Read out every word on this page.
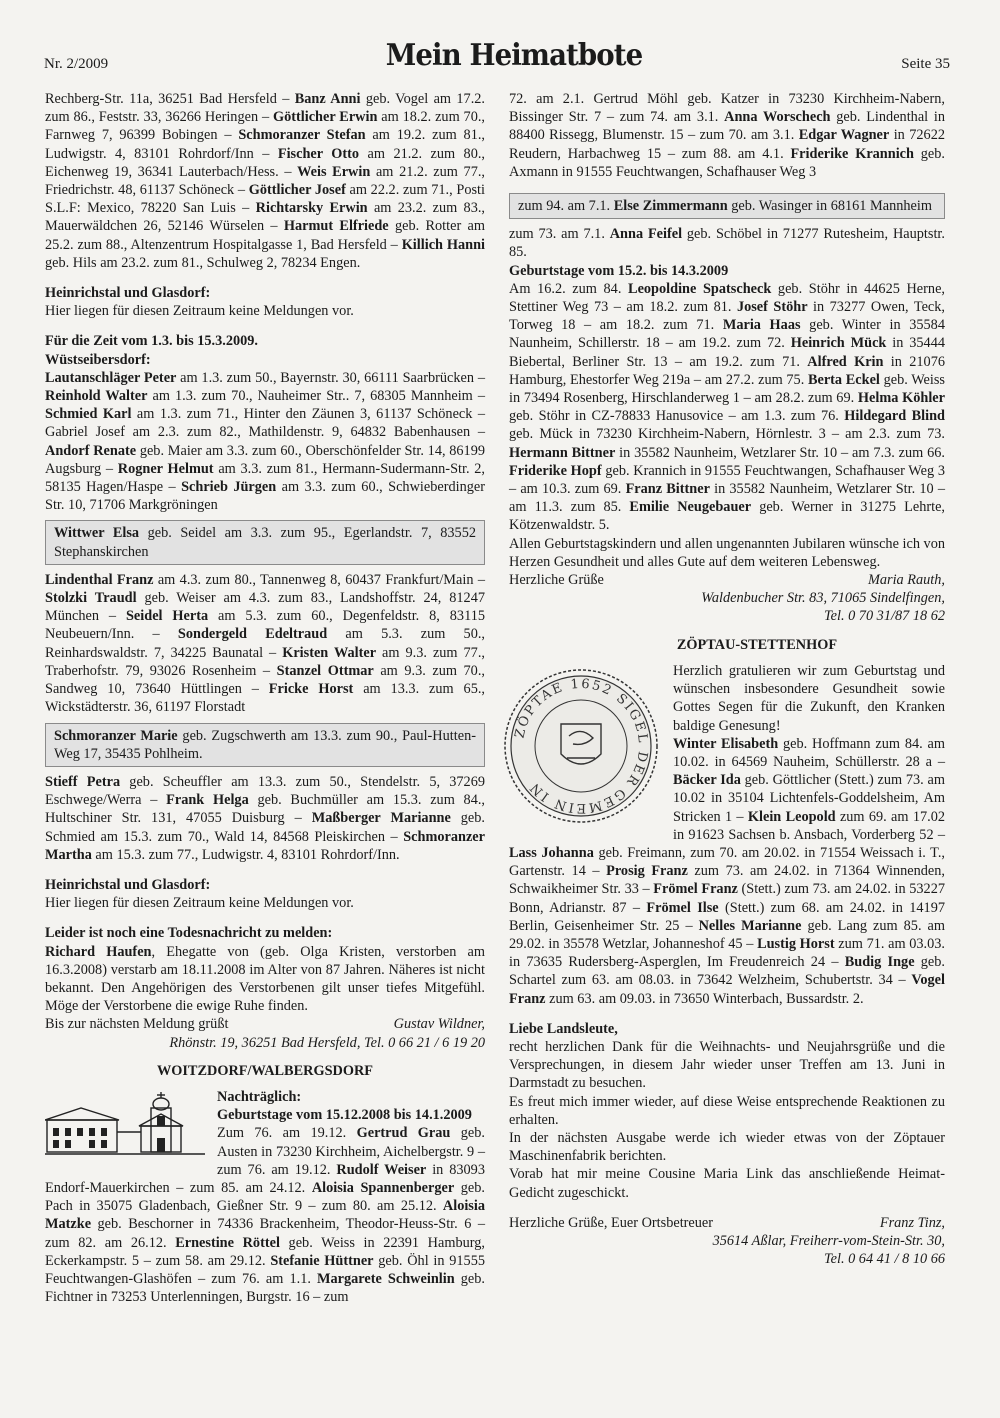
Nr. 2/2009	Mein Heimatbote	Seite 35

Rechberg-Str. 11a, 36251 Bad Hersfeld – Banz Anni geb. Vogel am 17.2. zum 86., Feststr. 33, 36266 Heringen – Göttlicher Erwin am 18.2. zum 70., Farnweg 7, 96399 Bobingen – Schmoranzer Stefan am 19.2. zum 81., Ludwigstr. 4, 83101 Rohrdorf/Inn – Fischer Otto am 21.2. zum 80., Eichenweg 19, 36341 Lauterbach/Hess. – Weis Erwin am 21.2. zum 77., Friedrichstr. 48, 61137 Schöneck – Göttlicher Josef am 22.2. zum 71., Posti S.L.F: Mexico, 78220 San Luis – Richtarsky Erwin am 23.2. zum 83., Mauerwäldchen 26, 52146 Würselen – Harmut Elfriede geb. Rotter am 25.2. zum 88., Altenzentrum Hospitalgasse 1, Bad Hersfeld – Killich Hanni geb. Hils am 23.2. zum 81., Schulweg 2, 78234 Engen.

Heinrichstal und Glasdorf:

Hier liegen für diesen Zeitraum keine Meldungen vor.

Für die Zeit vom 1.3. bis 15.3.2009.

Wüstseibersdorf:

Lautanschläger Peter am 1.3. zum 50., Bayernstr. 30, 66111 Saarbrücken – Reinhold Walter am 1.3. zum 70., Nauheimer Str.. 7, 68305 Mannheim – Schmied Karl am 1.3. zum 71., Hinter den Zäunen 3, 61137 Schöneck – Gabriel Josef am 2.3. zum 82., Mathildenstr. 9, 64832 Babenhausen – Andorf Renate geb. Maier am 3.3. zum 60., Oberschönfelder Str. 14, 86199 Augsburg – Rogner Helmut am 3.3. zum 81., Hermann-Sudermann-Str. 2, 58135 Hagen/Haspe – Schrieb Jürgen am 3.3. zum 60., Schwieberdinger Str. 10, 71706 Markgröningen

Wittwer Elsa geb. Seidel am 3.3. zum 95., Egerlandstr. 7, 83552 Stephanskirchen

Lindenthal Franz am 4.3. zum 80., Tannenweg 8, 60437 Frankfurt/Main – Stolzki Traudl geb. Weiser am 4.3. zum 83., Landshoffstr. 24, 81247 München – Seidel Herta am 5.3. zum 60., Degenfeldstr. 8, 83115 Neubeuern/Inn. – Sondergeld Edeltraud am 5.3. zum 50., Reinhardswaldstr. 7, 34225 Baunatal – Kristen Walter am 9.3. zum 77., Traberhofstr. 79, 93026 Rosenheim – Stanzel Ottmar am 9.3. zum 70., Sandweg 10, 73640 Hüttlingen – Fricke Horst am 13.3. zum 65., Wickstädterstr. 36, 61197 Florstadt

Schmoranzer Marie geb. Zugschwerth am 13.3. zum 90., Paul-Hutten-Weg 17, 35435 Pohlheim.

Stieff Petra geb. Scheuffler am 13.3. zum 50., Stendelstr. 5, 37269 Eschwege/Werra – Frank Helga geb. Buchmüller am 15.3. zum 84., Hultschiner Str. 131, 47055 Duisburg – Maßberger Marianne geb. Schmied am 15.3. zum 70., Wald 14, 84568 Pleiskirchen – Schmoranzer Martha am 15.3. zum 77., Ludwigstr. 4, 83101 Rohrdorf/Inn.

Heinrichstal und Glasdorf:

Hier liegen für diesen Zeitraum keine Meldungen vor.

Leider ist noch eine Todesnachricht zu melden:

Richard Haufen, Ehegatte von (geb. Olga Kristen, verstorben am 16.3.2008) verstarb am 18.11.2008 im Alter von 87 Jahren. Näheres ist nicht bekannt. Den Angehörigen des Verstorbenen gilt unser tiefes Mitgefühl. Möge der Verstorbene die ewige Ruhe finden.

Bis zur nächsten Meldung grüßt	Gustav Wildner,

Rhönstr. 19, 36251 Bad Hersfeld, Tel. 0 66 21 / 6 19 20

WOITZDORF/WALBERGSDORF

Nachträglich:

Geburtstage vom 15.12.2008 bis 14.1.2009

Zum 76. am 19.12. Gertrud Grau geb. Austen in 73230 Kirchheim, Aichelbergstr. 9 – zum 76. am 19.12. Rudolf Weiser in 83093 Endorf-Mauerkirchen – zum 85. am 24.12. Aloisia Spannenberger geb. Pach in 35075 Gladenbach, Gießner Str. 9 – zum 80. am 25.12. Aloisia Matzke geb. Beschorner in 74336 Brackenheim, Theodor-Heuss-Str. 6 – zum 82. am 26.12. Ernestine Röttel geb. Weiss in 22391 Hamburg, Eckerkampstr. 5 – zum 58. am 29.12. Stefanie Hüttner geb. Öhl in 91555 Feuchtwangen-Glashöfen – zum 76. am 1.1. Margarete Schweinlin geb. Fichtner in 73253 Unterlenningen, Burgstr. 16 – zum

72. am 2.1. Gertrud Möhl geb. Katzer in 73230 Kirchheim-Nabern, Bissinger Str. 7 – zum 74. am 3.1. Anna Worschech geb. Lindenthal in 88400 Rissegg, Blumenstr. 15 – zum 70. am 3.1. Edgar Wagner in 72622 Reudern, Harbachweg 15 – zum 88. am 4.1. Friderike Krannich geb. Axmann in 91555 Feuchtwangen, Schafhauser Weg 3

zum 94. am 7.1. Else Zimmermann geb. Wasinger in 68161 Mannheim

zum 73. am 7.1. Anna Feifel geb. Schöbel in 71277 Rutesheim, Hauptstr. 85.

Geburtstage vom 15.2. bis 14.3.2009

Am 16.2. zum 84. Leopoldine Spatscheck geb. Stöhr in 44625 Herne, Stettiner Weg 73 – am 18.2. zum 81. Josef Stöhr in 73277 Owen, Teck, Torweg 18 – am 18.2. zum 71. Maria Haas geb. Winter in 35584 Naunheim, Schillerstr. 18 – am 19.2. zum 72. Heinrich Mück in 35444 Biebertal, Berliner Str. 13 – am 19.2. zum 71. Alfred Krin in 21076 Hamburg, Ehestorfer Weg 219a – am 27.2. zum 75. Berta Eckel geb. Weiss in 73494 Rosenberg, Hirschlanderweg 1 – am 28.2. zum 69. Helma Köhler geb. Stöhr in CZ-78833 Hanusovice – am 1.3. zum 76. Hildegard Blind geb. Mück in 73230 Kirchheim-Nabern, Hörnlestr. 3 – am 2.3. zum 73. Hermann Bittner in 35582 Naunheim, Wetzlarer Str. 10 – am 7.3. zum 66. Friderike Hopf geb. Krannich in 91555 Feuchtwangen, Schafhauser Weg 3 – am 10.3. zum 69. Franz Bittner in 35582 Naunheim, Wetzlarer Str. 10 – am 11.3. zum 85. Emilie Neugebauer geb. Werner in 31275 Lehrte, Kötzenwaldstr. 5.

Allen Geburtstagskindern und allen ungenannten Jubilaren wünsche ich von Herzen Gesundheit und alles Gute auf dem weiteren Lebensweg.

Herzliche Grüße	Maria Rauth,

Waldenbucher Str. 83, 71065 Sindelfingen,

Tel. 0 70 31/87 18 62

ZÖPTAU-STETTENHOF
ZÖPTAE 1652 SIGEL DER GEMEIN IN

Herzlich gratulieren wir zum Geburtstag und wünschen insbesondere Gesundheit sowie Gottes Segen für die Zukunft, den Kranken baldige Genesung!

Winter Elisabeth geb. Hoffmann zum 84. am 10.02. in 64569 Nauheim, Schüllerstr. 28 a – Bäcker Ida geb. Göttlicher (Stett.) zum 73. am 10.02 in 35104 Lichtenfels-Goddelsheim, Am Stricken 1 – Klein Leopold zum 69. am 17.02 in 91623 Sachsen b. Ansbach, Vorderberg 52 – Lass Johanna geb. Freimann, zum 70. am 20.02. in 71554 Weissach i. T., Gartenstr. 14 – Prosig Franz zum 73. am 24.02. in 71364 Winnenden, Schwaikheimer Str. 33 – Frömel Franz (Stett.) zum 73. am 24.02. in 53227 Bonn, Adrianstr. 87 – Frömel Ilse (Stett.) zum 68. am 24.02. in 14197 Berlin, Geisenheimer Str. 25 – Nelles Marianne geb. Lang zum 85. am 29.02. in 35578 Wetzlar, Johanneshof 45 – Lustig Horst zum 71. am 03.03. in 73635 Rudersberg-Asperglen, Im Freudenreich 24 – Budig Inge geb. Schartel zum 63. am 08.03. in 73642 Welzheim, Schubertstr. 34 – Vogel Franz zum 63. am 09.03. in 73650 Winterbach, Bussardstr. 2.

Liebe Landsleute,

recht herzlichen Dank für die Weihnachts- und Neujahrsgrüße und die Versprechungen, in diesem Jahr wieder unser Treffen am 13. Juni in Darmstadt zu besuchen.

Es freut mich immer wieder, auf diese Weise entsprechende Reaktionen zu erhalten.

In der nächsten Ausgabe werde ich wieder etwas von der Zöptauer Maschinenfabrik berichten.

Vorab hat mir meine Cousine Maria Link das anschließende Heimat-Gedicht zugeschickt.

Herzliche Grüße, Euer Ortsbetreuer	Franz Tinz,

35614 Aßlar, Freiherr-vom-Stein-Str. 30,

Tel. 0 64 41 / 8 10 66
